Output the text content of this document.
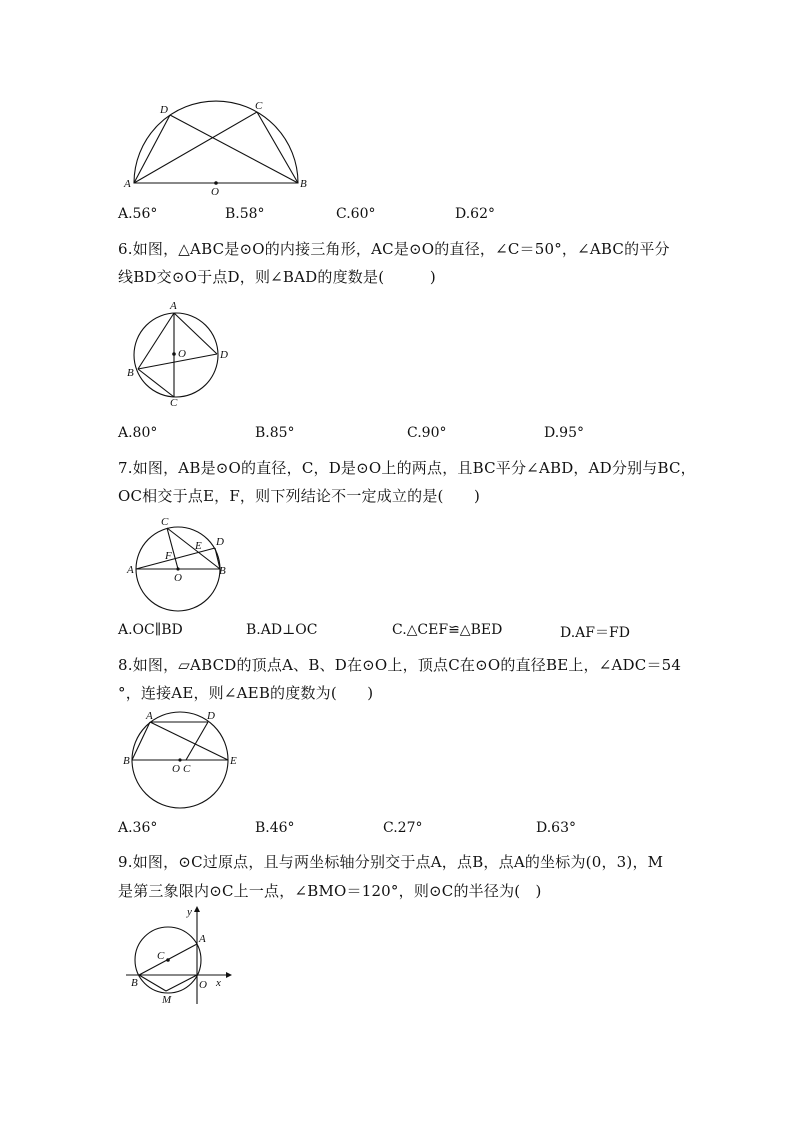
A
D	C
B
O
A.56°	B.58°	C.60°	D.62°
6.如图，△ABC是⊙O的内接三角形，AC是⊙O的直径，∠C＝50°，∠ABC的平分
线BD交⊙O于点D，则∠BAD的度数是(　　　)
A
O	D
B
C
A.80°	B.85°	C.90°	D.95°
7.如图，AB是⊙O的直径，C，D是⊙O上的两点，且BC平分∠ABD，AD分别与BC，
OC相交于点E，F，则下列结论不一定成立的是(　　)
C
D
E
F
A
O
B
A.OC∥BD	B.AD⊥OC	C.△CEF≌△BED	D.AF＝FD
8.如图，▱ABCD的顶点A、B、D在⊙O上，顶点C在⊙O的直径BE上，∠ADC＝54
°，连接AE，则∠AEB的度数为(　　)
A	D
B
O C
E
A.36°	B.46°	C.27°	D.63°
9.如图，⊙C过原点，且与两坐标轴分别交于点A，点B，点A的坐标为(0，3)，M
是第三象限内⊙C上一点，∠BMO＝120°，则⊙C的半径为(　)
A
C
B
M
O x
y
